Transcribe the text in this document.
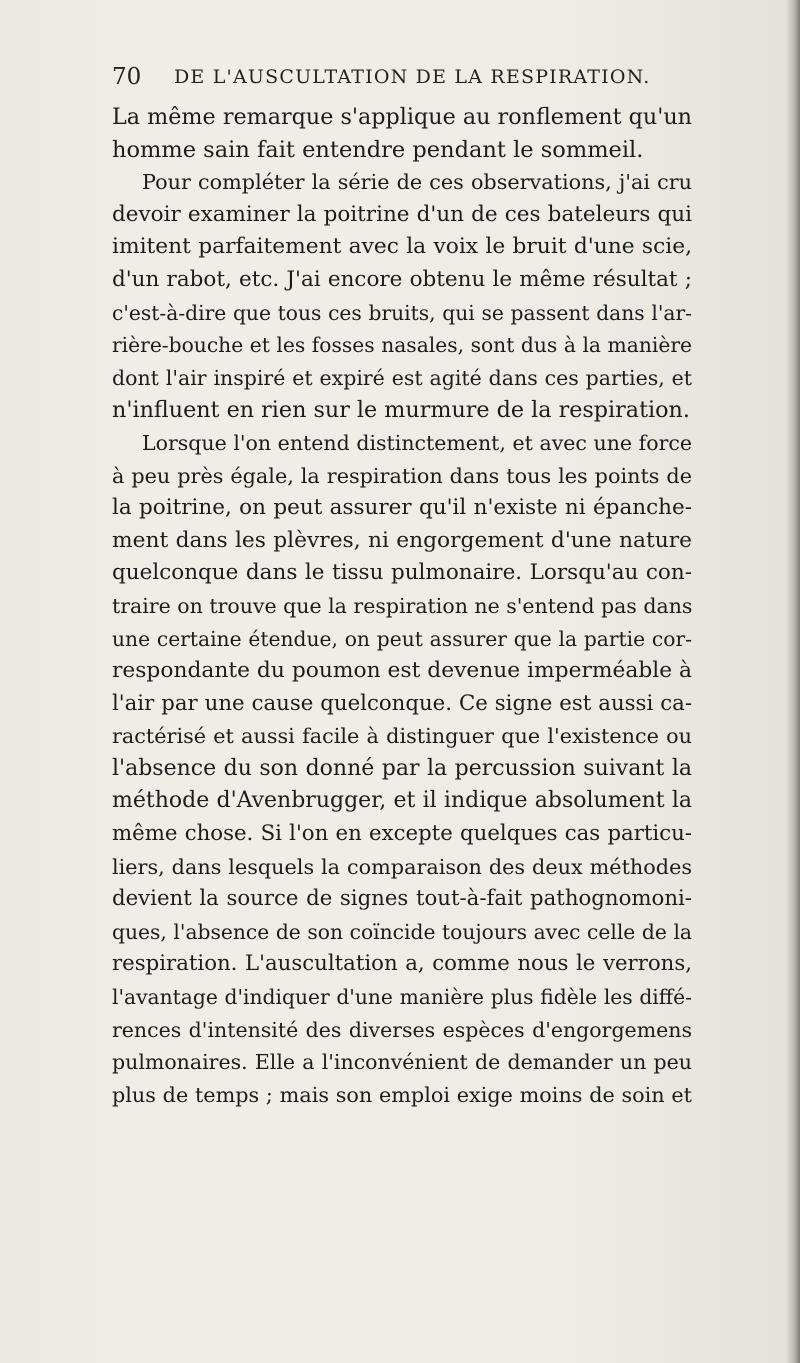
70 DE L'AUSCULTATION DE LA RESPIRATION.
La même remarque s'applique au ronflement qu'un
homme sain fait entendre pendant le sommeil.
Pour compléter la série de ces observations, j'ai cru
devoir examiner la poitrine d'un de ces bateleurs qui
imitent parfaitement avec la voix le bruit d'une scie,
d'un rabot, etc. J'ai encore obtenu le même résultat ;
c'est-à-dire que tous ces bruits, qui se passent dans l'ar-
rière-bouche et les fosses nasales, sont dus à la manière
dont l'air inspiré et expiré est agité dans ces parties, et
n'influent en rien sur le murmure de la respiration.
Lorsque l'on entend distinctement, et avec une force
à peu près égale, la respiration dans tous les points de
la poitrine, on peut assurer qu'il n'existe ni épanche-
ment dans les plèvres, ni engorgement d'une nature
quelconque dans le tissu pulmonaire. Lorsqu'au con-
traire on trouve que la respiration ne s'entend pas dans
une certaine étendue, on peut assurer que la partie cor-
respondante du poumon est devenue imperméable à
l'air par une cause quelconque. Ce signe est aussi ca-
ractérisé et aussi facile à distinguer que l'existence ou
l'absence du son donné par la percussion suivant la
méthode d'Avenbrugger, et il indique absolument la
même chose. Si l'on en excepte quelques cas particu-
liers, dans lesquels la comparaison des deux méthodes
devient la source de signes tout-à-fait pathognomoni-
ques, l'absence de son coïncide toujours avec celle de la
respiration. L'auscultation a, comme nous le verrons,
l'avantage d'indiquer d'une manière plus fidèle les diffé-
rences d'intensité des diverses espèces d'engorgemens
pulmonaires. Elle a l'inconvénient de demander un peu
plus de temps ; mais son emploi exige moins de soin et
